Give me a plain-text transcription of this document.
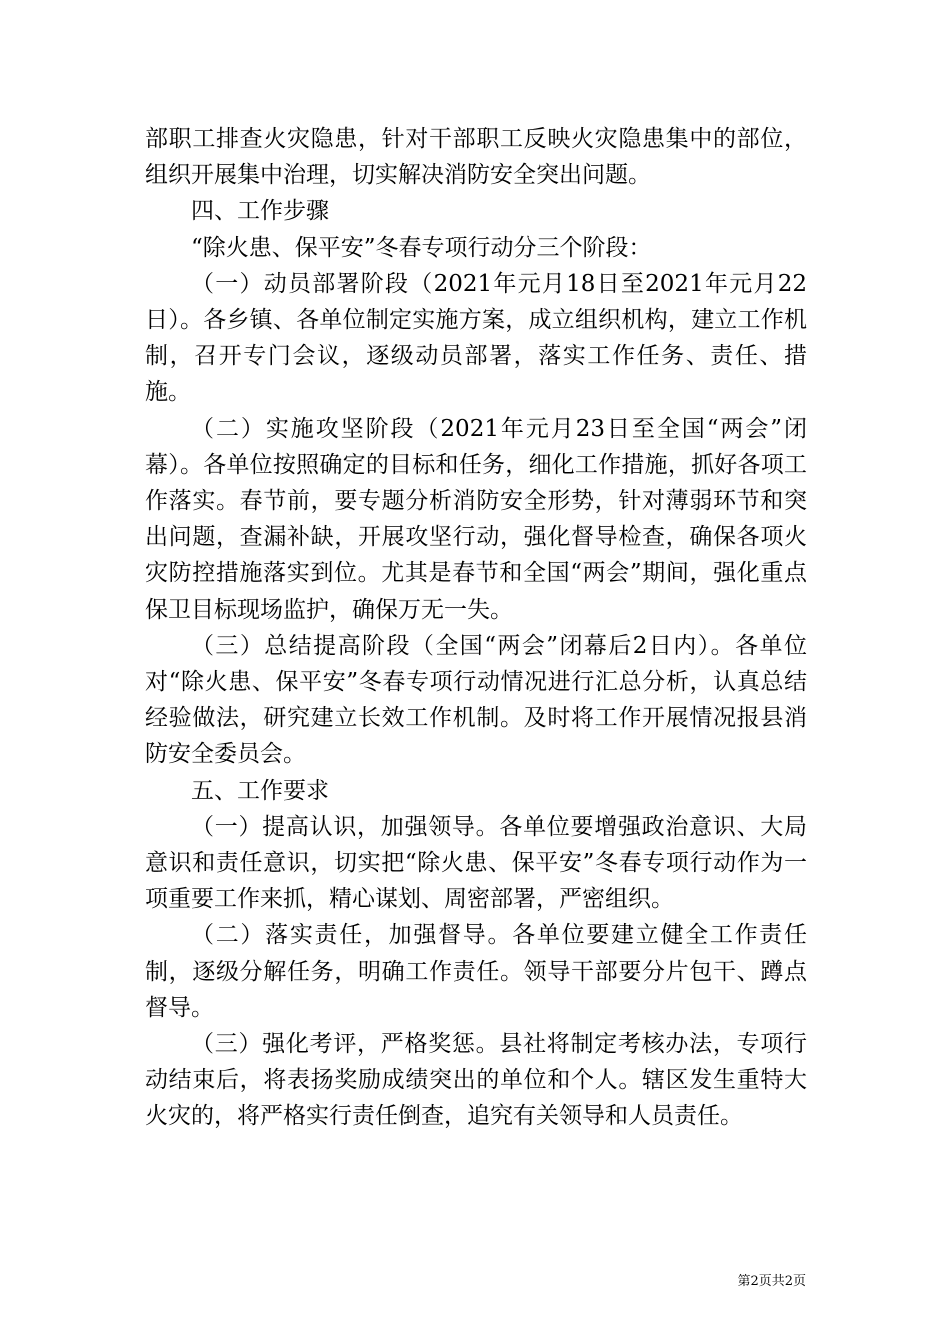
部职工排查火灾隐患，针对干部职工反映火灾隐患集中的部位，组织开展集中治理，切实解决消防安全突出问题。

四、工作步骤

“除火患、保平安”冬春专项行动分三个阶段：

（一）动员部署阶段（2021年元月18日至2021年元月22日）。各乡镇、各单位制定实施方案，成立组织机构，建立工作机制，召开专门会议，逐级动员部署，落实工作任务、责任、措施。

（二）实施攻坚阶段（2021年元月23日至全国“两会”闭幕）。各单位按照确定的目标和任务，细化工作措施，抓好各项工作落实。春节前，要专题分析消防安全形势，针对薄弱环节和突出问题，查漏补缺，开展攻坚行动，强化督导检查，确保各项火灾防控措施落实到位。尤其是春节和全国“两会”期间，强化重点保卫目标现场监护，确保万无一失。

（三）总结提高阶段（全国“两会”闭幕后2日内）。各单位对“除火患、保平安”冬春专项行动情况进行汇总分析，认真总结经验做法，研究建立长效工作机制。及时将工作开展情况报县消防安全委员会。

五、工作要求

（一）提高认识，加强领导。各单位要增强政治意识、大局意识和责任意识，切实把“除火患、保平安”冬春专项行动作为一项重要工作来抓，精心谋划、周密部署，严密组织。

（二）落实责任，加强督导。各单位要建立健全工作责任制，逐级分解任务，明确工作责任。领导干部要分片包干、蹲点督导。

（三）强化考评，严格奖惩。县社将制定考核办法，专项行动结束后，将表扬奖励成绩突出的单位和个人。辖区发生重特大火灾的，将严格实行责任倒查，追究有关领导和人员责任。

第2页共2页
